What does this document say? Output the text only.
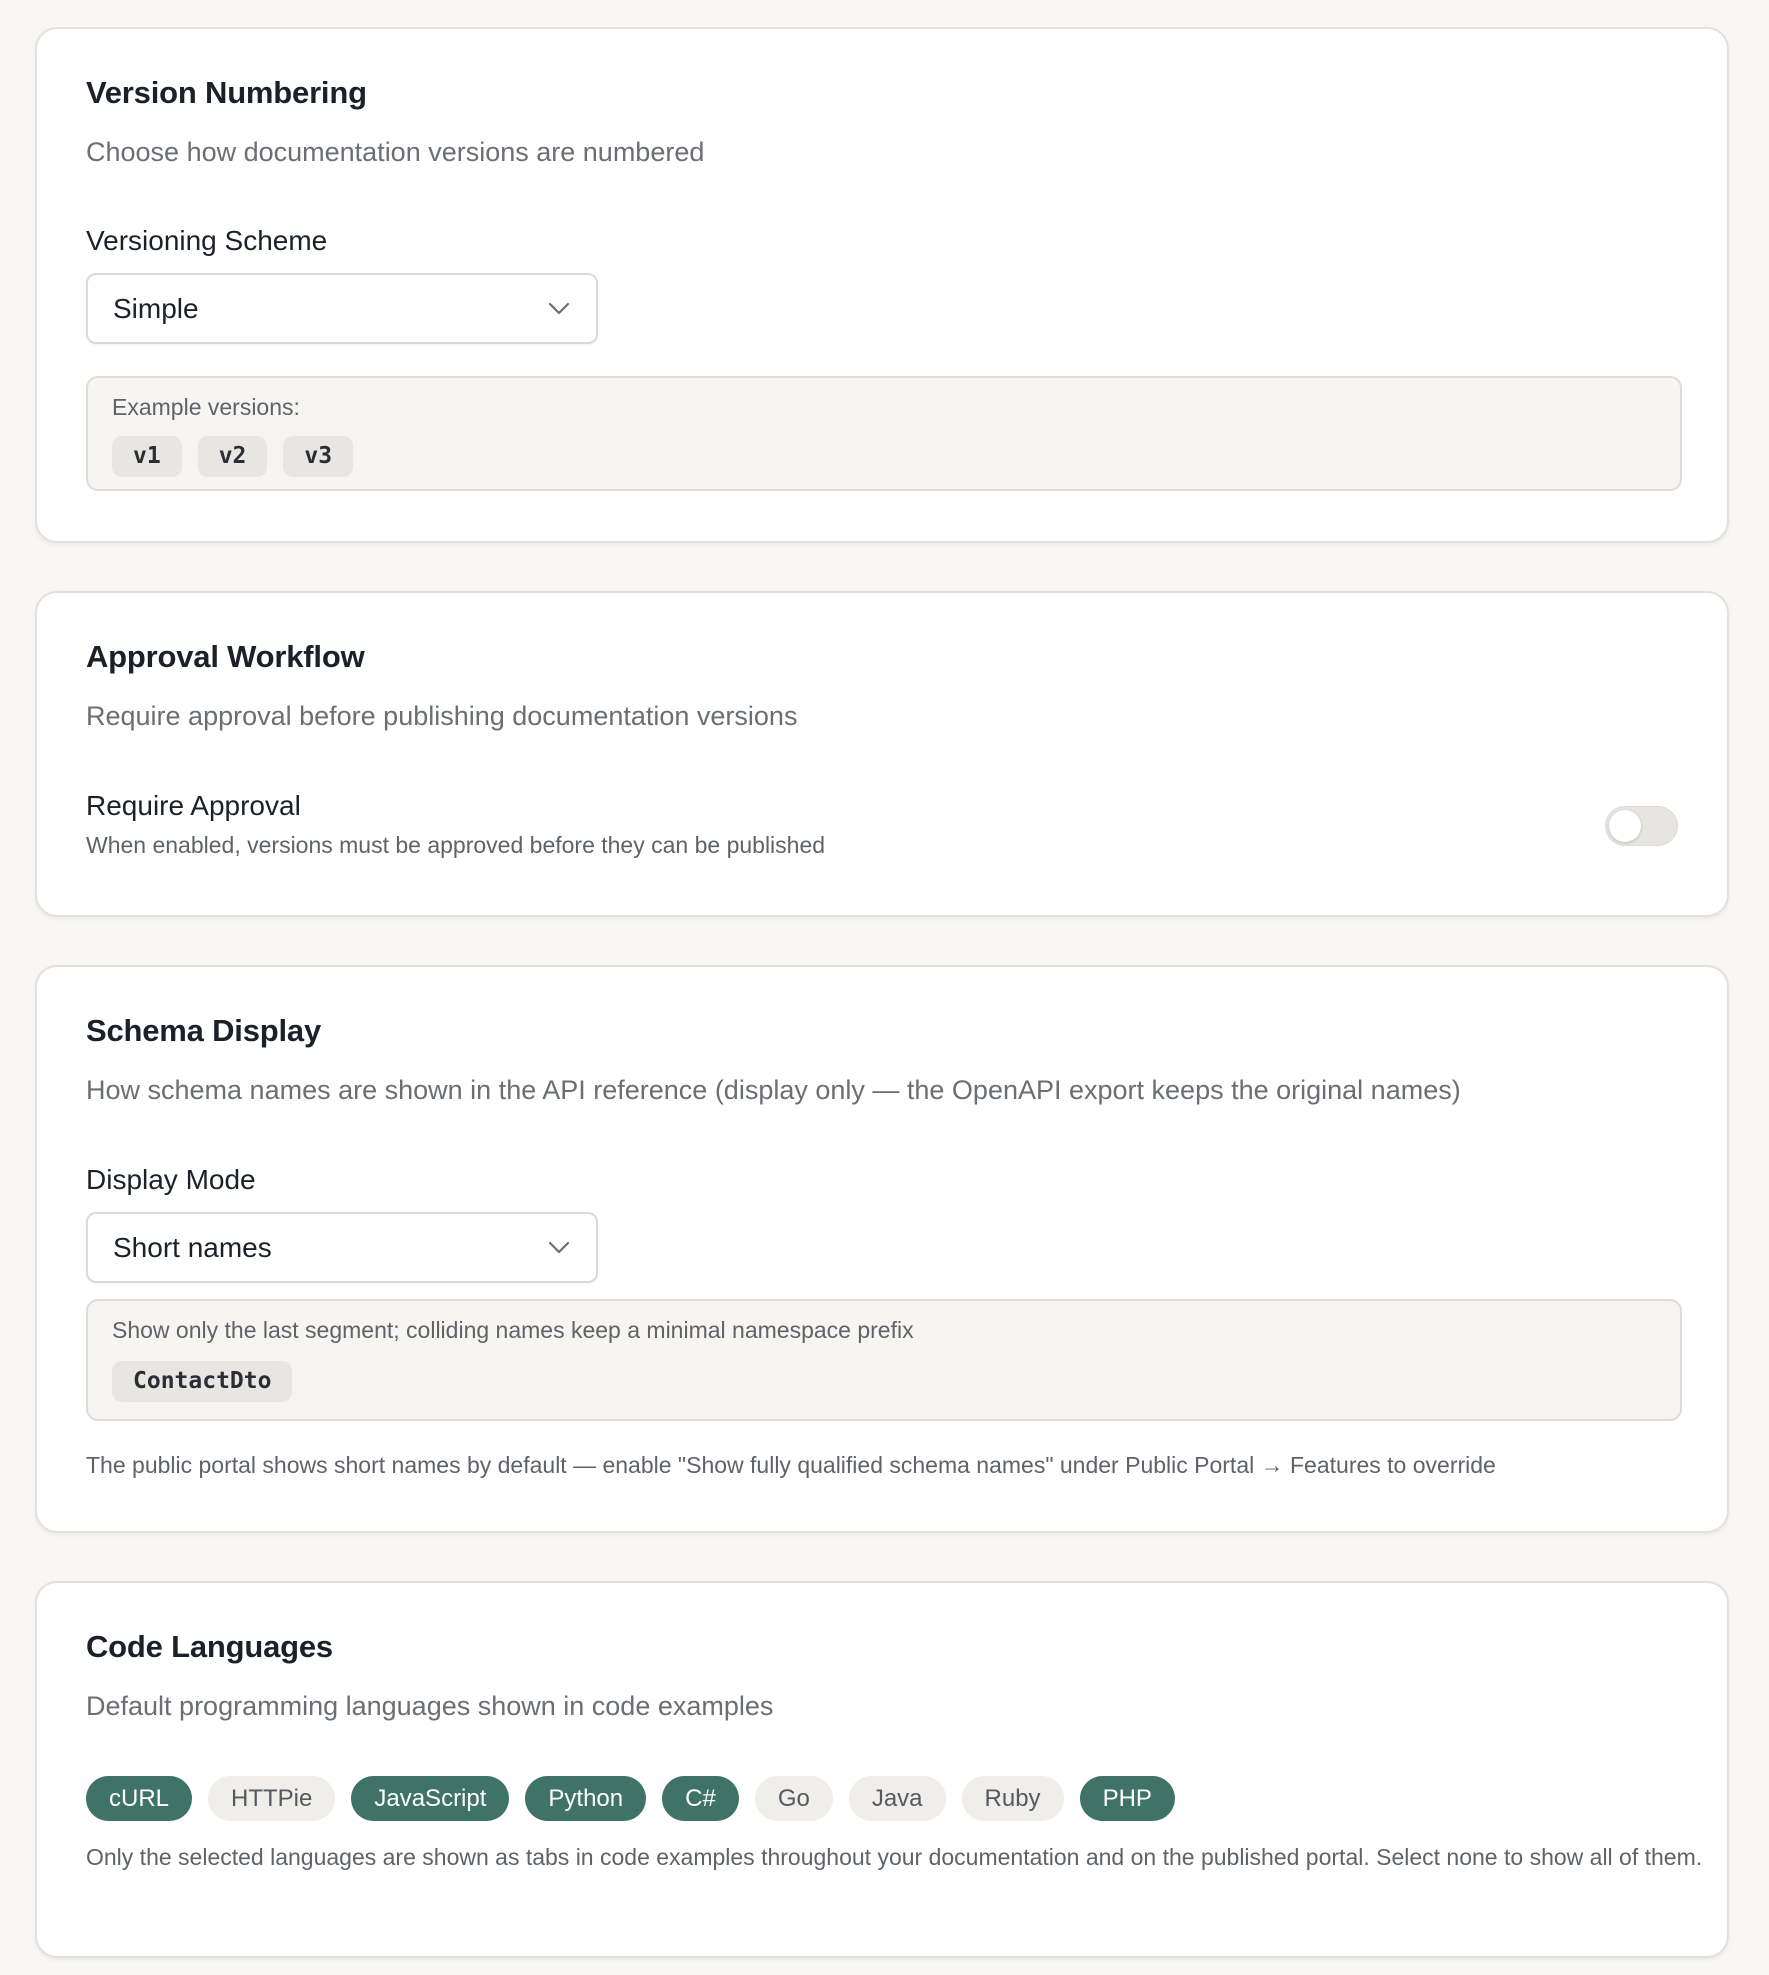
Version Numbering

Choose how documentation versions are numbered

Versioning Scheme
Simple
Example versions:
v1	v2	v3
Approval Workflow

Require approval before publishing documentation versions

Require Approval
When enabled, versions must be approved before they can be published
Schema Display

How schema names are shown in the API reference (display only — the OpenAPI export keeps the original names)

Display Mode
Short names
Show only the last segment; colliding names keep a minimal namespace prefix
ContactDto

The public portal shows short names by default — enable "Show fully qualified schema names" under Public Portal → Features to override

Code Languages

Default programming languages shown in code examples

cURL	HTTPie	JavaScript	Python	C#	Go	Java	Ruby	PHP

Only the selected languages are shown as tabs in code examples throughout your documentation and on the published portal. Select none to show all of them.
